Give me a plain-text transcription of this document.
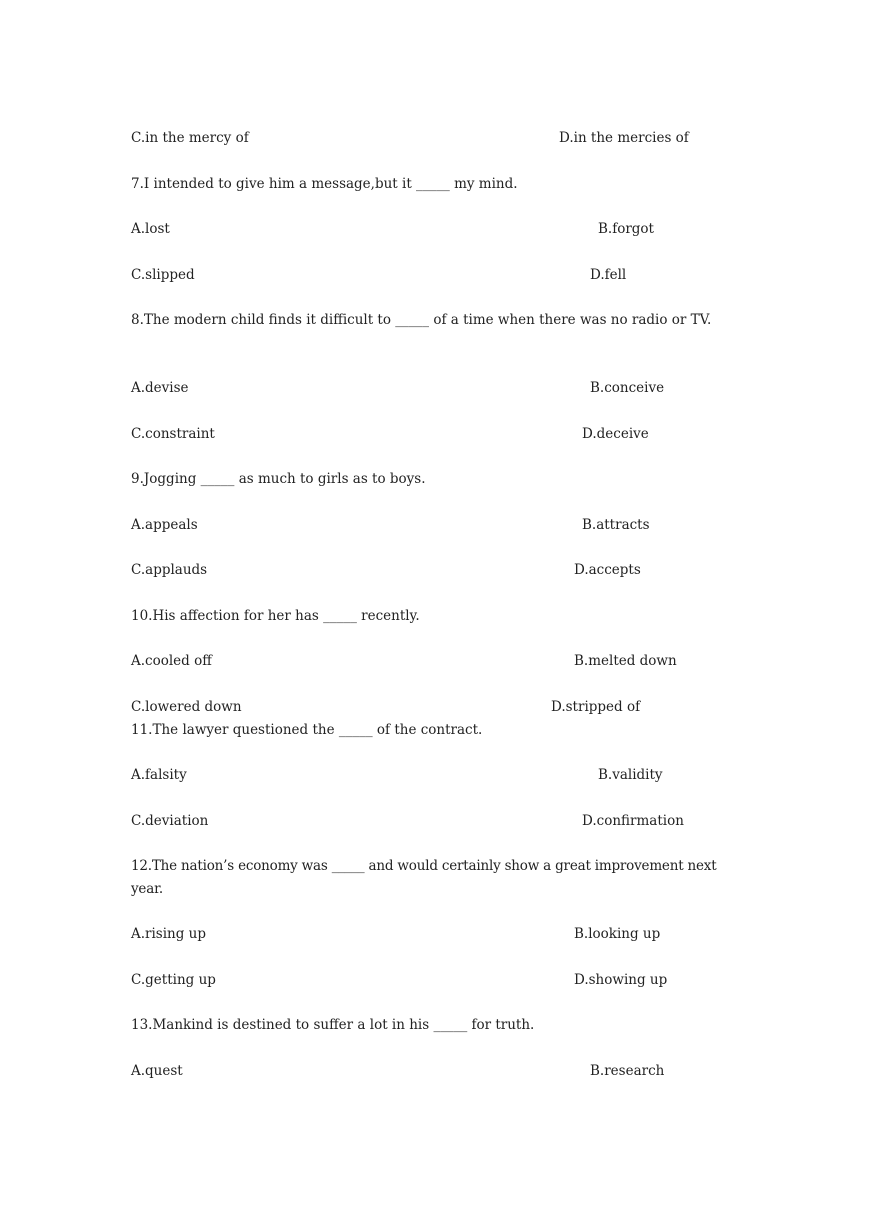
C.in the mercy of	D.in the mercies of
7.I intended to give him a message,but it _____ my mind.
A.lost	B.forgot
C.slipped	D.fell
8.The modern child finds it difficult to _____ of a time when there was no radio or TV.
A.devise	B.conceive
C.constraint	D.deceive
9.Jogging _____ as much to girls as to boys.
A.appeals	B.attracts
C.applauds	D.accepts
10.His affection for her has _____ recently.
A.cooled off	B.melted down
C.lowered down	D.stripped of
11.The lawyer questioned the _____ of the contract.
A.falsity	B.validity
C.deviation	D.confirmation
12.The nation’s economy was _____ and would certainly show a great improvement next year.
A.rising up	B.looking up
C.getting up	D.showing up
13.Mankind is destined to suffer a lot in his _____ for truth.
A.quest	B.research
